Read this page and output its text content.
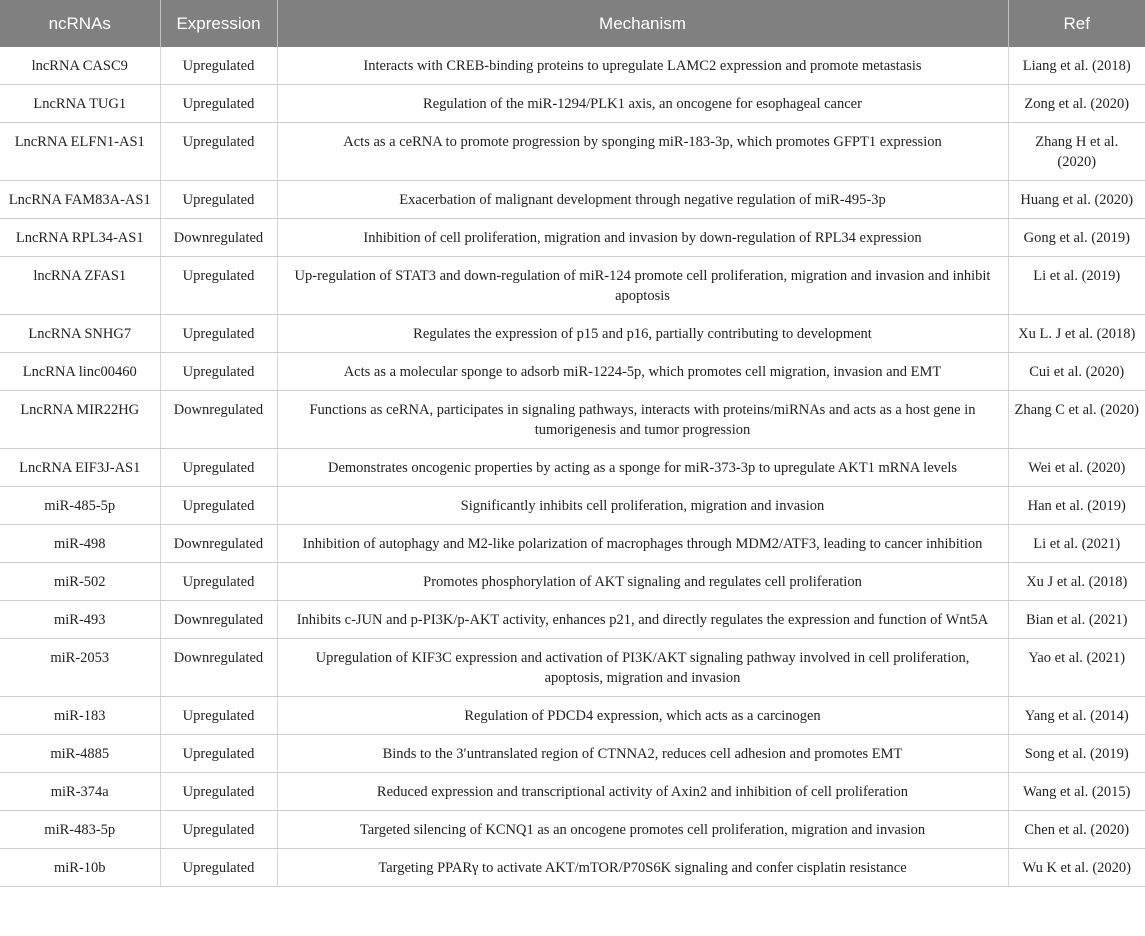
ncRNAs	Expression	Mechanism	Ref
lncRNA CASC9	Upregulated	Interacts with CREB-binding proteins to upregulate LAMC2 expression and promote metastasis	Liang et al. (2018)
LncRNA TUG1	Upregulated	Regulation of the miR-1294/PLK1 axis, an oncogene for esophageal cancer	Zong et al. (2020)
LncRNA ELFN1-AS1	Upregulated	Acts as a ceRNA to promote progression by sponging miR-183-3p, which promotes GFPT1 expression	Zhang H et al. (2020)
LncRNA FAM83A-AS1	Upregulated	Exacerbation of malignant development through negative regulation of miR-495-3p	Huang et al. (2020)
LncRNA RPL34-AS1	Downregulated	Inhibition of cell proliferation, migration and invasion by down-regulation of RPL34 expression	Gong et al. (2019)
lncRNA ZFAS1	Upregulated	Up-regulation of STAT3 and down-regulation of miR-124 promote cell proliferation, migration and invasion and inhibit apoptosis	Li et al. (2019)
LncRNA SNHG7	Upregulated	Regulates the expression of p15 and p16, partially contributing to development	Xu L. J et al. (2018)
LncRNA linc00460	Upregulated	Acts as a molecular sponge to adsorb miR-1224-5p, which promotes cell migration, invasion and EMT	Cui et al. (2020)
LncRNA MIR22HG	Downregulated	Functions as ceRNA, participates in signaling pathways, interacts with proteins/miRNAs and acts as a host gene in tumorigenesis and tumor progression	Zhang C et al. (2020)
LncRNA EIF3J-AS1	Upregulated	Demonstrates oncogenic properties by acting as a sponge for miR-373-3p to upregulate AKT1 mRNA levels	Wei et al. (2020)
miR-485-5p	Upregulated	Significantly inhibits cell proliferation, migration and invasion	Han et al. (2019)
miR-498	Downregulated	Inhibition of autophagy and M2-like polarization of macrophages through MDM2/ATF3, leading to cancer inhibition	Li et al. (2021)
miR-502	Upregulated	Promotes phosphorylation of AKT signaling and regulates cell proliferation	Xu J et al. (2018)
miR-493	Downregulated	Inhibits c-JUN and p-PI3K/p-AKT activity, enhances p21, and directly regulates the expression and function of Wnt5A	Bian et al. (2021)
miR-2053	Downregulated	Upregulation of KIF3C expression and activation of PI3K/AKT signaling pathway involved in cell proliferation, apoptosis, migration and invasion	Yao et al. (2021)
miR-183	Upregulated	Regulation of PDCD4 expression, which acts as a carcinogen	Yang et al. (2014)
miR-4885	Upregulated	Binds to the 3′untranslated region of CTNNA2, reduces cell adhesion and promotes EMT	Song et al. (2019)
miR-374a	Upregulated	Reduced expression and transcriptional activity of Axin2 and inhibition of cell proliferation	Wang et al. (2015)
miR-483-5p	Upregulated	Targeted silencing of KCNQ1 as an oncogene promotes cell proliferation, migration and invasion	Chen et al. (2020)
miR-10b	Upregulated	Targeting PPARγ to activate AKT/mTOR/P70S6K signaling and confer cisplatin resistance	Wu K et al. (2020)
